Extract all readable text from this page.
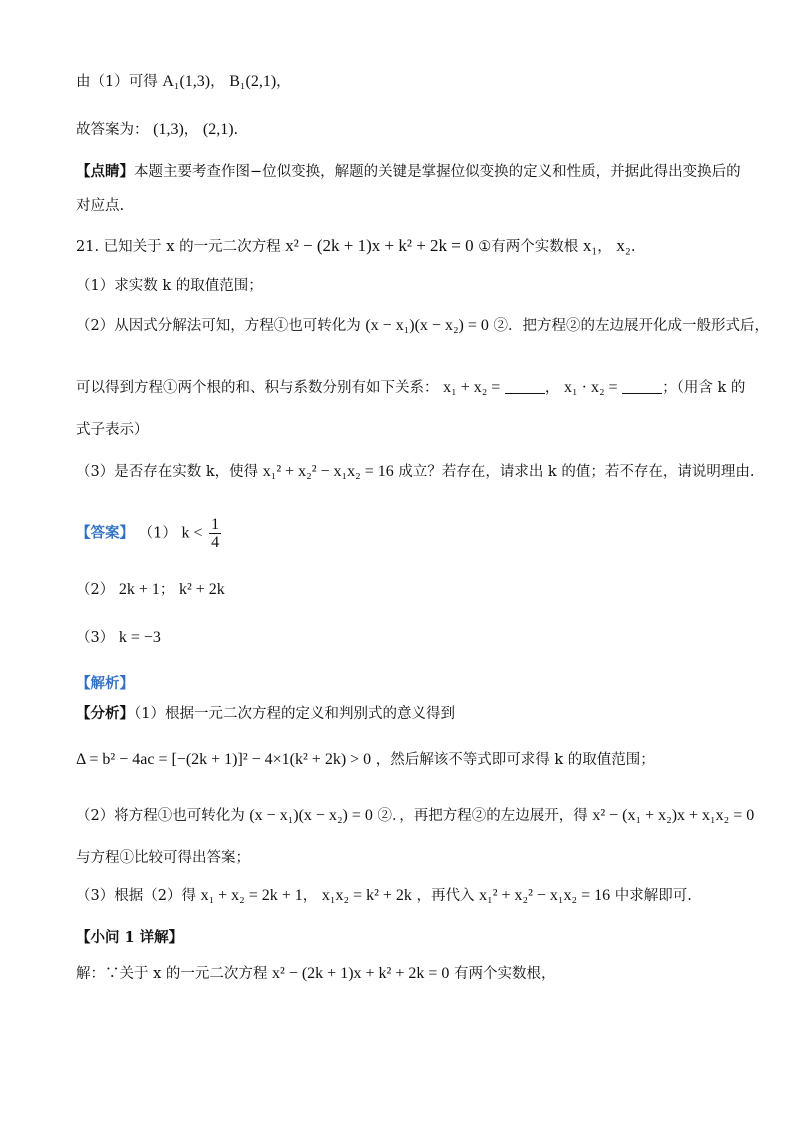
由（1）可得 A₁(1,3)， B₁(2,1)，
故答案为： (1,3)， (2,1).
【点睛】本题主要考查作图−位似变换，解题的关键是掌握位似变换的定义和性质，并据此得出变换后的
对应点.
21. 已知关于 x 的一元二次方程 x² − (2k + 1)x + k² + 2k = 0 ①有两个实数根 x₁， x₂.
（1）求实数 k 的取值范围；
（2）从因式分解法可知，方程①也可转化为 (x − x₁)(x − x₂) = 0 ②．把方程②的左边展开化成一般形式后，
可以得到方程①两个根的和、积与系数分别有如下关系： x₁ + x₂ =	， x₁ · x₂ =	；（用含 k 的
式子表示）
（3）是否存在实数 k，使得 x₁² + x₂² − x₁x₂ = 16 成立？若存在，请求出 k 的值；若不存在，请说明理由.
【答案】 （1） $k < \frac{1}{4}$
（2） 2k + 1； k² + 2k
（3） k = −3
【解析】
【分析】（1）根据一元二次方程的定义和判别式的意义得到
Δ = b² − 4ac = [−(2k + 1)]² − 4×1(k² + 2k) > 0 ，然后解该不等式即可求得 k 的取值范围；
（2）将方程①也可转化为 (x − x₁)(x − x₂) = 0 ②．，再把方程②的左边展开，得 x² − (x₁ + x₂)x + x₁x₂ = 0
与方程①比较可得出答案；
（3）根据（2）得 x₁ + x₂ = 2k + 1， x₁x₂ = k² + 2k ，再代入 x₁² + x₂² − x₁x₂ = 16 中求解即可.
【小问 1 详解】
解：∵关于 x 的一元二次方程 x² − (2k + 1)x + k² + 2k = 0 有两个实数根，
